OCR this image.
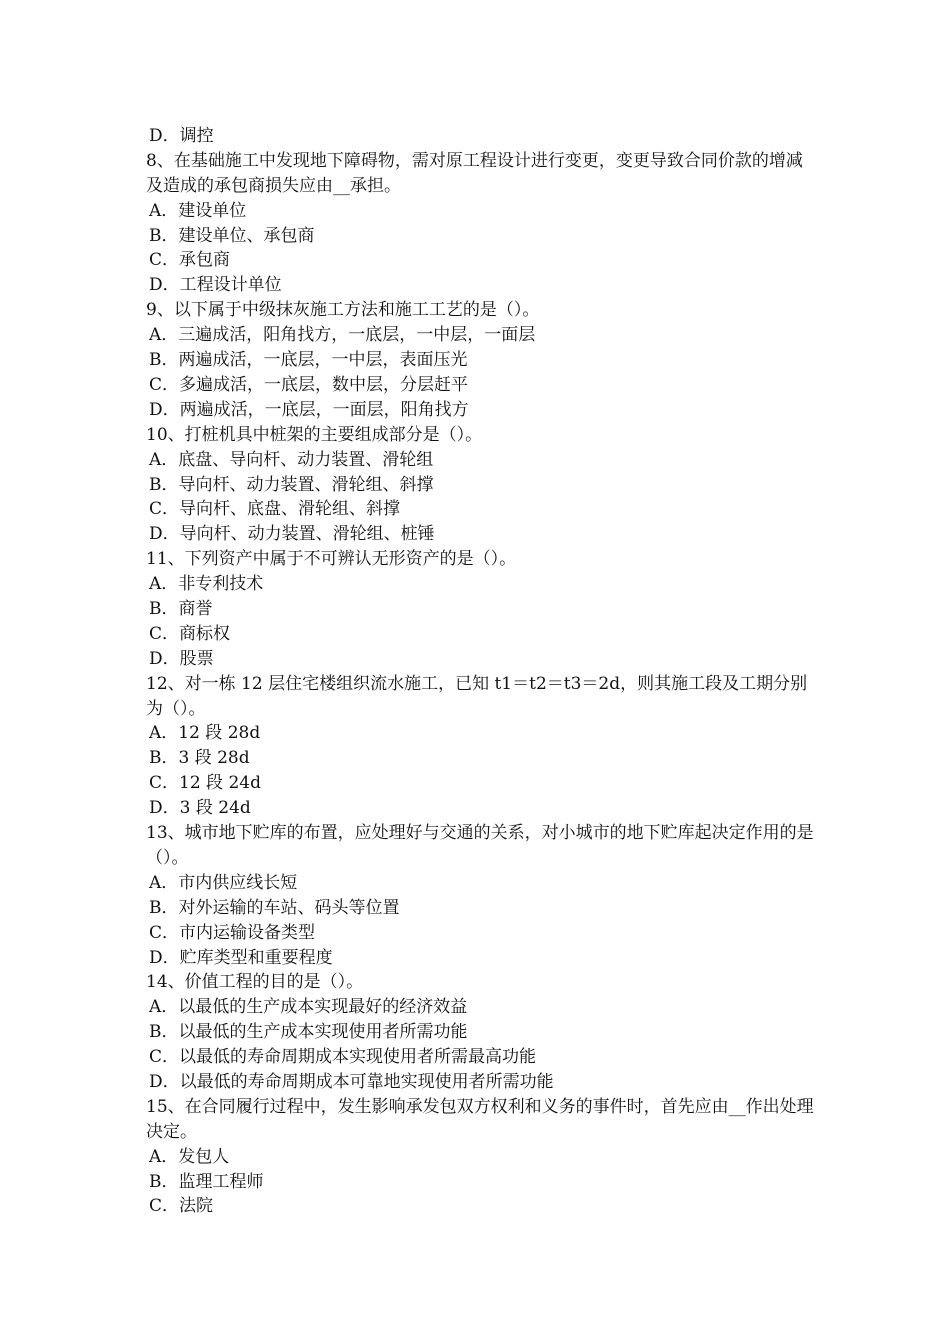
D．调控
8、在基础施工中发现地下障碍物，需对原工程设计进行变更，变更导致合同价款的增减及造成的承包商损失应由__承担。
A．建设单位
B．建设单位、承包商
C．承包商
D．工程设计单位
9、以下属于中级抹灰施工方法和施工工艺的是（）。
A．三遍成活，阳角找方，一底层，一中层，一面层
B．两遍成活，一底层，一中层，表面压光
C．多遍成活，一底层，数中层，分层赶平
D．两遍成活，一底层，一面层，阳角找方
10、打桩机具中桩架的主要组成部分是（）。
A．底盘、导向杆、动力装置、滑轮组
B．导向杆、动力装置、滑轮组、斜撑
C．导向杆、底盘、滑轮组、斜撑
D．导向杆、动力装置、滑轮组、桩锤
11、下列资产中属于不可辨认无形资产的是（）。
A．非专利技术
B．商誉
C．商标权
D．股票
12、对一栋 12 层住宅楼组织流水施工，已知 t1＝t2＝t3＝2d，则其施工段及工期分别为（）。
A．12 段 28d
B．3 段 28d
C．12 段 24d
D．3 段 24d
13、城市地下贮库的布置，应处理好与交通的关系，对小城市的地下贮库起决定作用的是（）。
A．市内供应线长短
B．对外运输的车站、码头等位置
C．市内运输设备类型
D．贮库类型和重要程度
14、价值工程的目的是（）。
A．以最低的生产成本实现最好的经济效益
B．以最低的生产成本实现使用者所需功能
C．以最低的寿命周期成本实现使用者所需最高功能
D．以最低的寿命周期成本可靠地实现使用者所需功能
15、在合同履行过程中，发生影响承发包双方权利和义务的事件时，首先应由__作出处理决定。
A．发包人
B．监理工程师
C．法院
